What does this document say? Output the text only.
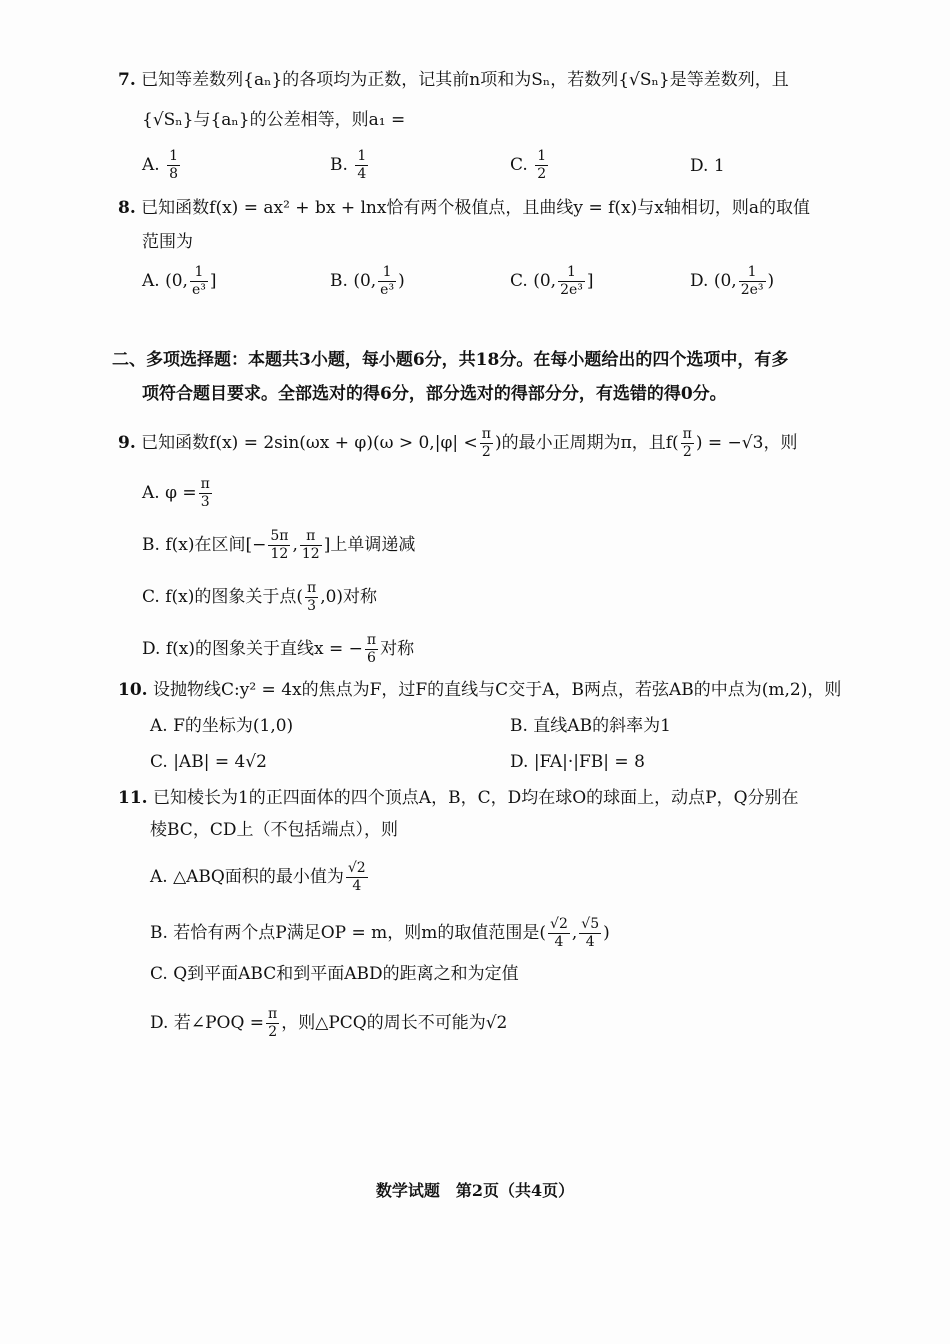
7. 已知等差数列{aₙ}的各项均为正数，记其前n项和为Sₙ，若数列{√Sₙ}是等差数列，且
{√Sₙ}与{aₙ}的公差相等，则a₁ =
A. $\frac{1}{8}$	B. $\frac{1}{4}$	C. $\frac{1}{2}$	D. 1
8. 已知函数f(x) = ax² + bx + lnx恰有两个极值点，且曲线y = f(x)与x轴相切，则a的取值
范围为
A. (0, $\frac{1}{\text{e³}}$ ]	B. (0, $\frac{1}{\text{e³}}$ )	C. (0, $\frac{1}{\text{2e³}}$ ]	D. (0, $\frac{1}{\text{2e³}}$ )
二、多项选择题：本题共3小题，每小题6分，共18分。在每小题给出的四个选项中，有多
项符合题目要求。全部选对的得6分，部分选对的得部分分，有选错的得0分。
9. 已知函数$f(x) = 2\sin(\omega x + \varphi)(\omega > 0,|\varphi| < \frac{\pi}{2}$ )的最小正周期为π，且$f( \frac{\pi}{2}$ ) = −√3，则
A. $\varphi = \frac{\pi}{3}$
B. f(x)在区间[− $\frac{5\pi}{12}$ , $\frac{\pi}{12}$ ]上单调递减
C. f(x)的图象关于点( $\frac{\pi}{3} ,0$)对称
D. f(x)的图象关于直线x = − $\frac{\pi}{6}$ 对称
10. 设抛物线C:y² = 4x的焦点为F，过F的直线与C交于A，B两点，若弦AB的中点为(m,2)，则
A. F的坐标为(1,0)	B. 直线AB的斜率为1
C. |AB| = 4√2	D. |FA|·|FB| = 8
11. 已知棱长为1的正四面体的四个顶点A，B，C，D均在球O的球面上，动点P，Q分别在
棱BC，CD上（不包括端点），则
A. △ABQ面积的最小值为 $\frac{√2}{4}$
B. 若恰有两个点P满足OP = m，则m的取值范围是( $\frac{√2}{4}$ , $\frac{√5}{4}$ )
C. Q到平面ABC和到平面ABD的距离之和为定值
D. 若∠POQ = $\frac{\pi}{2}$ ，则△PCQ的周长不可能为√2
数学试题　第2页（共4页）
